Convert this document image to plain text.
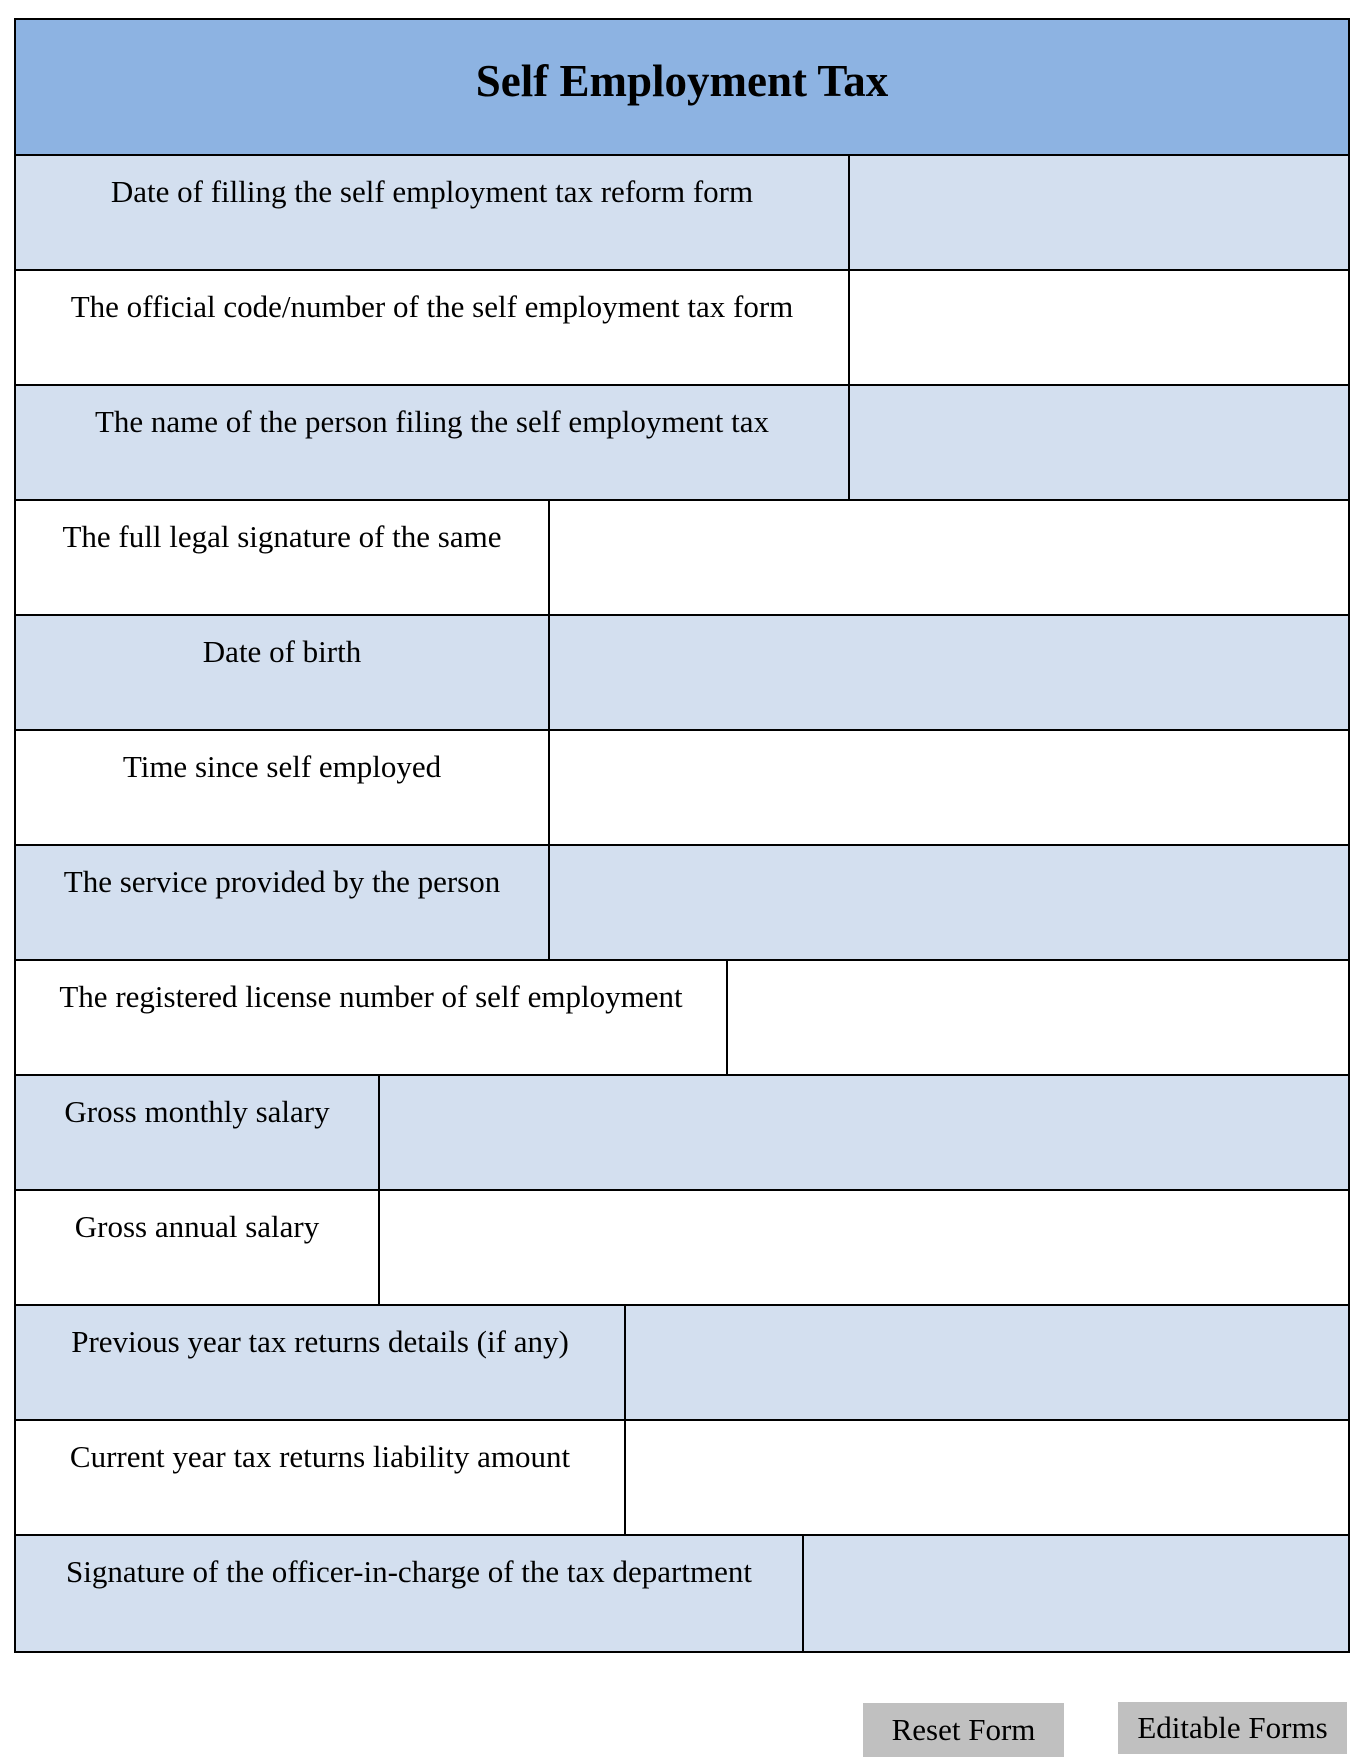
Self Employment Tax
Date of filling the self employment tax reform form
The official code/number of the self employment tax form
The name of the person filing the self employment tax
The full legal signature of the same
Date of birth
Time since self employed
The service provided by the person
The registered license number of self employment
Gross monthly salary
Gross annual salary
Previous year tax returns details (if any)
Current year tax returns liability amount
Signature of the officer-in-charge of the tax department
Reset Form	Editable Forms
